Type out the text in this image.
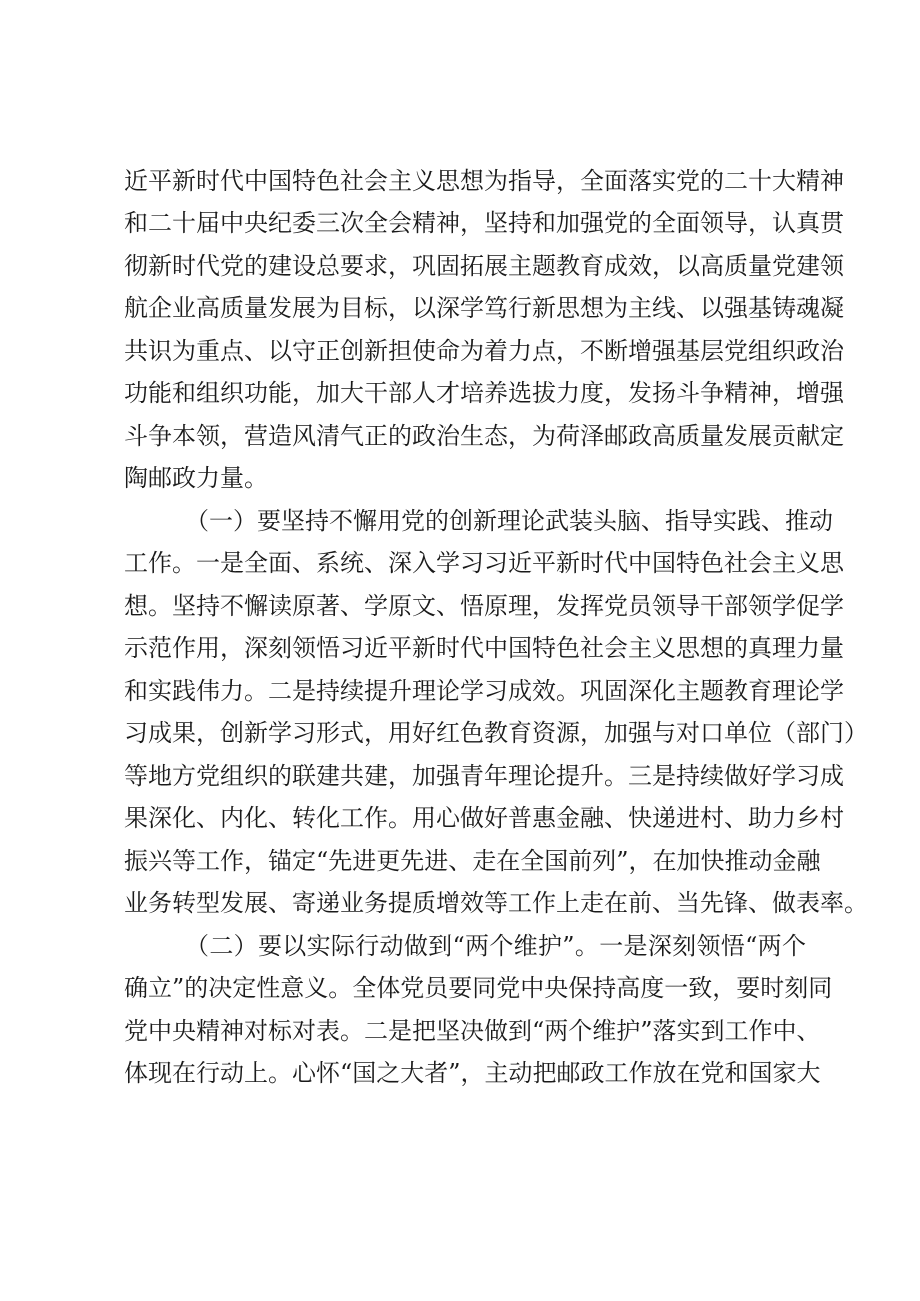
近平新时代中国特色社会主义思想为指导，全面落实党的二十大精神
和二十届中央纪委三次全会精神，坚持和加强党的全面领导，认真贯
彻新时代党的建设总要求，巩固拓展主题教育成效，以高质量党建领
航企业高质量发展为目标，以深学笃行新思想为主线、以强基铸魂凝
共识为重点、以守正创新担使命为着力点，不断增强基层党组织政治
功能和组织功能，加大干部人才培养选拔力度，发扬斗争精神，增强
斗争本领，营造风清气正的政治生态，为荷泽邮政高质量发展贡献定
陶邮政力量。
（一）要坚持不懈用党的创新理论武装头脑、指导实践、推动
工作。一是全面、系统、深入学习习近平新时代中国特色社会主义思
想。坚持不懈读原著、学原文、悟原理，发挥党员领导干部领学促学
示范作用，深刻领悟习近平新时代中国特色社会主义思想的真理力量
和实践伟力。二是持续提升理论学习成效。巩固深化主题教育理论学
习成果，创新学习形式，用好红色教育资源，加强与对口单位（部门）
等地方党组织的联建共建，加强青年理论提升。三是持续做好学习成
果深化、内化、转化工作。用心做好普惠金融、快递进村、助力乡村
振兴等工作，锚定“先进更先进、走在全国前列”，在加快推动金融
业务转型发展、寄递业务提质增效等工作上走在前、当先锋、做表率。
（二）要以实际行动做到“两个维护”。一是深刻领悟“两个
确立”的决定性意义。全体党员要同党中央保持高度一致，要时刻同
党中央精神对标对表。二是把坚决做到“两个维护”落实到工作中、
体现在行动上。心怀“国之大者”，主动把邮政工作放在党和国家大
